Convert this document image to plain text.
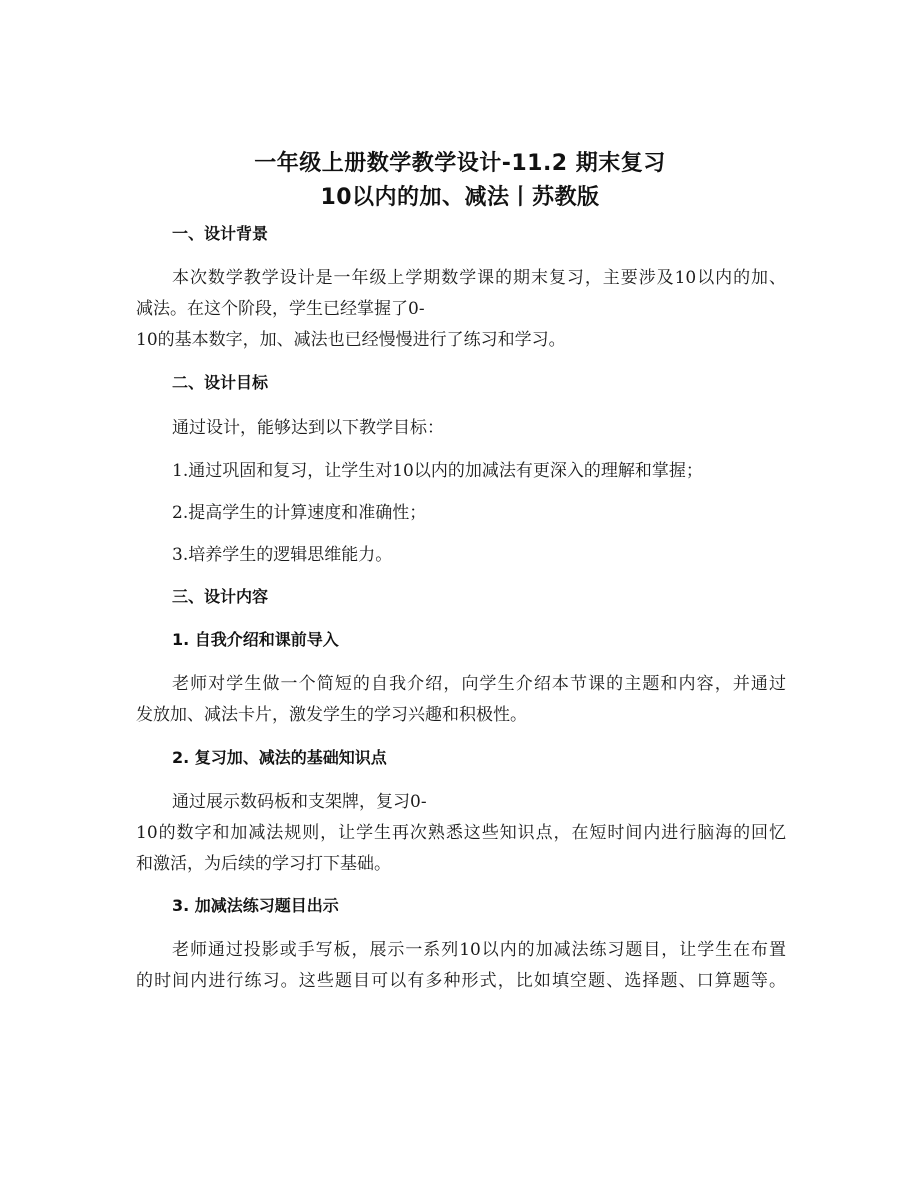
一年级上册数学教学设计-11.2 期末复习
10以内的加、减法丨苏教版
一、设计背景
本次数学教学设计是一年级上学期数学课的期末复习，主要涉及10以内的加、
减法。在这个阶段，学生已经掌握了0-
10的基本数字，加、减法也已经慢慢进行了练习和学习。
二、设计目标
通过设计，能够达到以下教学目标：
1.通过巩固和复习，让学生对10以内的加减法有更深入的理解和掌握；
2.提高学生的计算速度和准确性；
3.培养学生的逻辑思维能力。
三、设计内容
1. 自我介绍和课前导入
老师对学生做一个简短的自我介绍，向学生介绍本节课的主题和内容，并通过
发放加、减法卡片，激发学生的学习兴趣和积极性。
2. 复习加、减法的基础知识点
通过展示数码板和支架牌，复习0-
10的数字和加减法规则，让学生再次熟悉这些知识点，在短时间内进行脑海的回忆
和激活，为后续的学习打下基础。
3. 加减法练习题目出示
老师通过投影或手写板，展示一系列10以内的加减法练习题目，让学生在布置
的时间内进行练习。这些题目可以有多种形式，比如填空题、选择题、口算题等。
